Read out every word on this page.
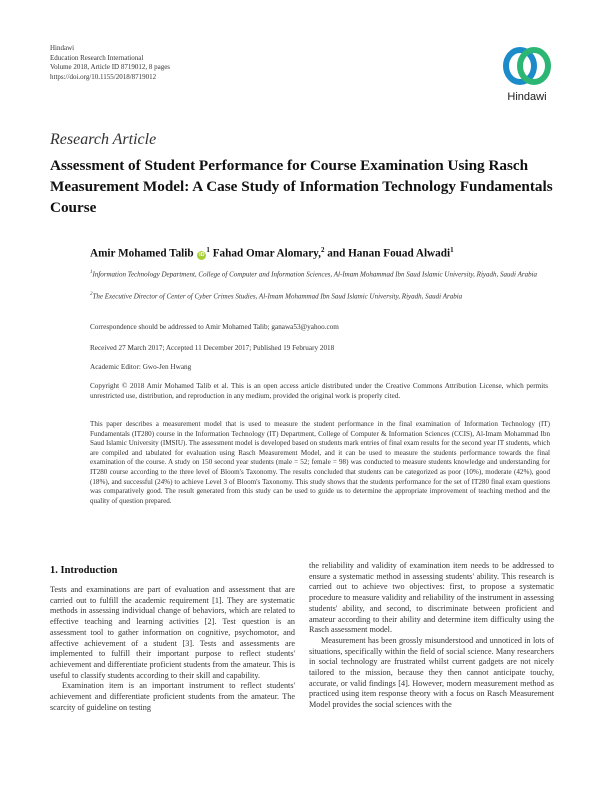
Hindawi
Education Research International
Volume 2018, Article ID 8719012, 8 pages
https://doi.org/10.1155/2018/8719012
Hindawi
Research Article
Assessment of Student Performance for Course Examination Using Rasch Measurement Model: A Case Study of Information Technology Fundamentals Course
Amir Mohamed Talib $iD^1$ Fahad Omar Alomary,$^2$ and Hanan Fouad Alwadi$^1$
$^1$Information Technology Department, College of Computer and Information Sciences, Al-Imam Mohammad Ibn Saud Islamic University, Riyadh, Saudi Arabia
$^2$The Executive Director of Center of Cyber Crimes Studies, Al-Imam Mohammad Ibn Saud Islamic University, Riyadh, Saudi Arabia
Correspondence should be addressed to Amir Mohamed Talib; ganawa53@yahoo.com
Received 27 March 2017; Accepted 11 December 2017; Published 19 February 2018
Academic Editor: Gwo-Jen Hwang
Copyright © 2018 Amir Mohamed Talib et al. This is an open access article distributed under the Creative Commons Attribution License, which permits unrestricted use, distribution, and reproduction in any medium, provided the original work is properly cited.
This paper describes a measurement model that is used to measure the student performance in the final examination of Information Technology (IT) Fundamentals (IT280) course in the Information Technology (IT) Department, College of Computer & Information Sciences (CCIS), Al-Imam Mohammad Ibn Saud Islamic University (IMSIU). The assessment model is developed based on students mark entries of final exam results for the second year IT students, which are compiled and tabulated for evaluation using Rasch Measurement Model, and it can be used to measure the students performance towards the final examination of the course. A study on 150 second year students (male = 52; female = 98) was conducted to measure students knowledge and understanding for IT280 course according to the three level of Bloom's Taxonomy. The results concluded that students can be categorized as poor (10%), moderate (42%), good (18%), and successful (24%) to achieve Level 3 of Bloom's Taxonomy. This study shows that the students performance for the set of IT280 final exam questions was comparatively good. The result generated from this study can be used to guide us to determine the appropriate improvement of teaching method and the quality of question prepared.
1. Introduction

Tests and examinations are part of evaluation and assessment that are carried out to fulfill the academic requirement [1]. They are systematic methods in assessing individual change of behaviors, which are related to effective teaching and learning activities [2]. Test question is an assessment tool to gather information on cognitive, psychomotor, and affective achievement of a student [3]. Tests and assessments are implemented to fulfill their important purpose to reflect students' achievement and differentiate proficient students from the amateur. This is useful to classify students according to their skill and capability.

Examination item is an important instrument to reflect students' achievement and differentiate proficient students from the amateur. The scarcity of guideline on testing

the reliability and validity of examination item needs to be addressed to ensure a systematic method in assessing students' ability. This research is carried out to achieve two objectives: first, to propose a systematic procedure to measure validity and reliability of the instrument in assessing students' ability, and second, to discriminate between proficient and amateur according to their ability and determine item difficulty using the Rasch assessment model.

Measurement has been grossly misunderstood and unnoticed in lots of situations, specifically within the field of social science. Many researchers in social technology are frustrated whilst current gadgets are not nicely tailored to the mission, because they then cannot anticipate touchy, accurate, or valid findings [4]. However, modern measurement method as practiced using item response theory with a focus on Rasch Measurement Model provides the social sciences with the
